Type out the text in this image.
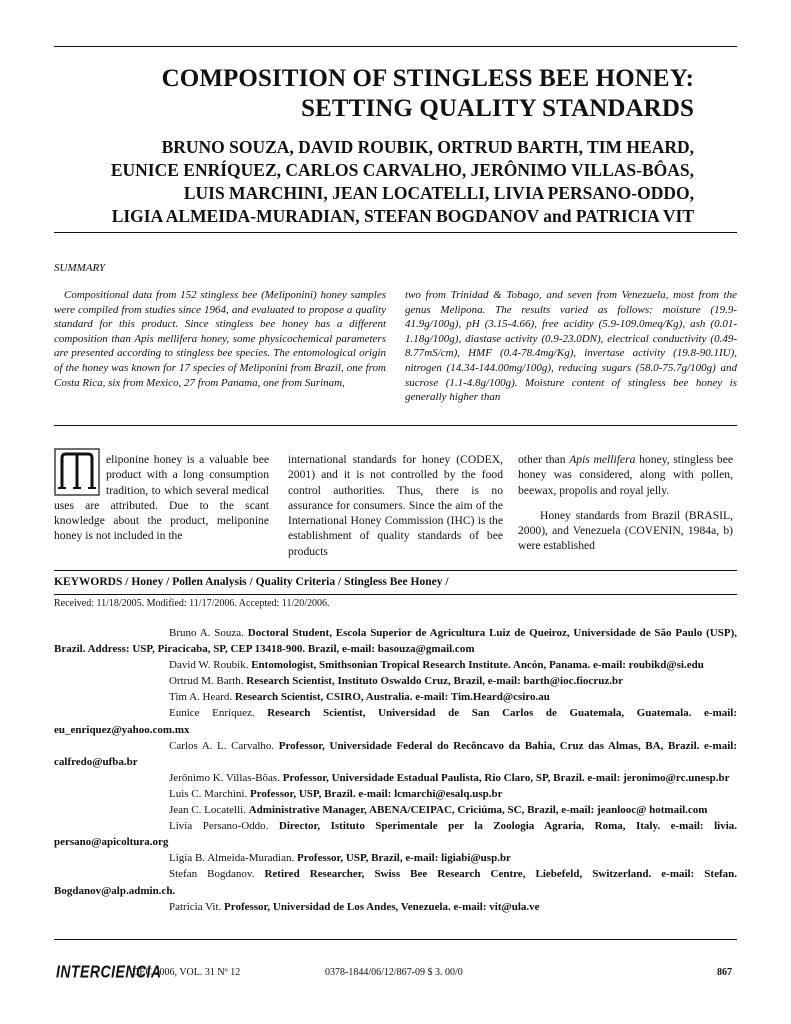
COMPOSITION OF STINGLESS BEE HONEY:
SETTING QUALITY STANDARDS
BRUNO SOUZA, DAVID ROUBIK, ORTRUD BARTH, TIM HEARD,
EUNICE ENRÍQUEZ, CARLOS CARVALHO, JERÔNIMO VILLAS-BÔAS,
LUIS MARCHINI, JEAN LOCATELLI, LIVIA PERSANO-ODDO,
LIGIA ALMEIDA-MURADIAN, STEFAN BOGDANOV and PATRICIA VIT
SUMMARY
Compositional data from 152 stingless bee (Meliponini) honey samples were compiled from studies since 1964, and evaluated to propose a quality standard for this product. Since stingless bee honey has a different composition than Apis mellifera honey, some physicochemical parameters are presented according to stingless bee species. The entomological origin of the honey was known for 17 species of Meliponini from Brazil, one from Costa Rica, six from Mexico, 27 from Panama, one from Surinam,
two from Trinidad & Tobago, and seven from Venezuela, most from the genus Melipona. The results varied as follows: moisture (19.9-41.9g/100g), pH (3.15-4.66), free acidity (5.9-109.0meq/Kg), ash (0.01-1.18g/100g), diastase activity (0.9-23.0DN), electrical conductivity (0.49-8.77mS/cm), HMF (0.4-78.4mg/Kg), invertase activity (19.8-90.1IU), nitrogen (14.34-144.00mg/100g), reducing sugars (58.0-75.7g/100g) and sucrose (1.1-4.8g/100g). Moisture content of stingless bee honey is generally higher than
eliponine honey is a valuable bee product with a long consumption tradition, to which several medical uses are attributed. Due to the scant knowledge about the product, meliponine honey is not included in the
international standards for honey (CODEX, 2001) and it is not controlled by the food control authorities. Thus, there is no assurance for consumers. Since the aim of the International Honey Commission (IHC) is the establishment of quality standards of bee products
other than Apis mellifera honey, stingless bee honey was considered, along with pollen, beewax, propolis and royal jelly.
Honey standards from Brazil (BRASIL, 2000), and Venezuela (COVENIN, 1984a, b) were established
KEYWORDS / Honey / Pollen Analysis / Quality Criteria / Stingless Bee Honey /
Received: 11/18/2005. Modified: 11/17/2006. Accepted: 11/20/2006.

Bruno A. Souza. Doctoral Student, Escola Superior de Agricultura Luiz de Queiroz, Universidade de São Paulo (USP), Brazil. Address: USP, Piracicaba, SP, CEP 13418-900. Brazil, e-mail: basouza@gmail.com

David W. Roubik. Entomologist, Smithsonian Tropical Research Institute. Ancón, Panama. e-mail: roubikd@si.edu

Ortrud M. Barth. Research Scientist, Instituto Oswaldo Cruz, Brazil, e-mail: barth@ioc.fiocruz.br

Tim A. Heard. Research Scientist, CSIRO, Australia. e-mail: Tim.Heard@csiro.au

Eunice Enríquez. Research Scientist, Universidad de San Carlos de Guatemala, Guatemala. e-mail: eu_enriquez@yahoo.com.mx

Carlos A. L. Carvalho. Professor, Universidade Federal do Recôncavo da Bahia, Cruz das Almas, BA, Brazil. e-mail: calfredo@ufba.br

Jerônimo K. Villas-Bôas. Professor, Universidade Estadual Paulista, Rio Claro, SP, Brazil. e-mail: jeronimo@rc.unesp.br

Luis C. Marchini. Professor, USP, Brazil. e-mail: lcmarchi@esalq.usp.br

Jean C. Locatelli. Administrative Manager, ABENA/CEIPAC, Criciúma, SC, Brazil, e-mail: jeanlooc@ hotmail.com

Livia Persano-Oddo. Director, Istituto Sperimentale per la Zoologia Agraria, Roma, Italy. e-mail: livia. persano@apicoltura.org

Ligia B. Almeida-Muradian. Professor, USP, Brazil, e-mail: ligiabi@usp.br

Stefan Bogdanov. Retired Researcher, Swiss Bee Research Centre, Liebefeld, Switzerland. e-mail: Stefan. Bogdanov@alp.admin.ch.

Patricia Vit. Professor, Universidad de Los Andes, Venezuela. e-mail: vit@ula.ve

INTERCIENCIA
DEC 2006, VOL. 31 Nº 12	0378-1844/06/12/867-09 $ 3. 00/0	867
